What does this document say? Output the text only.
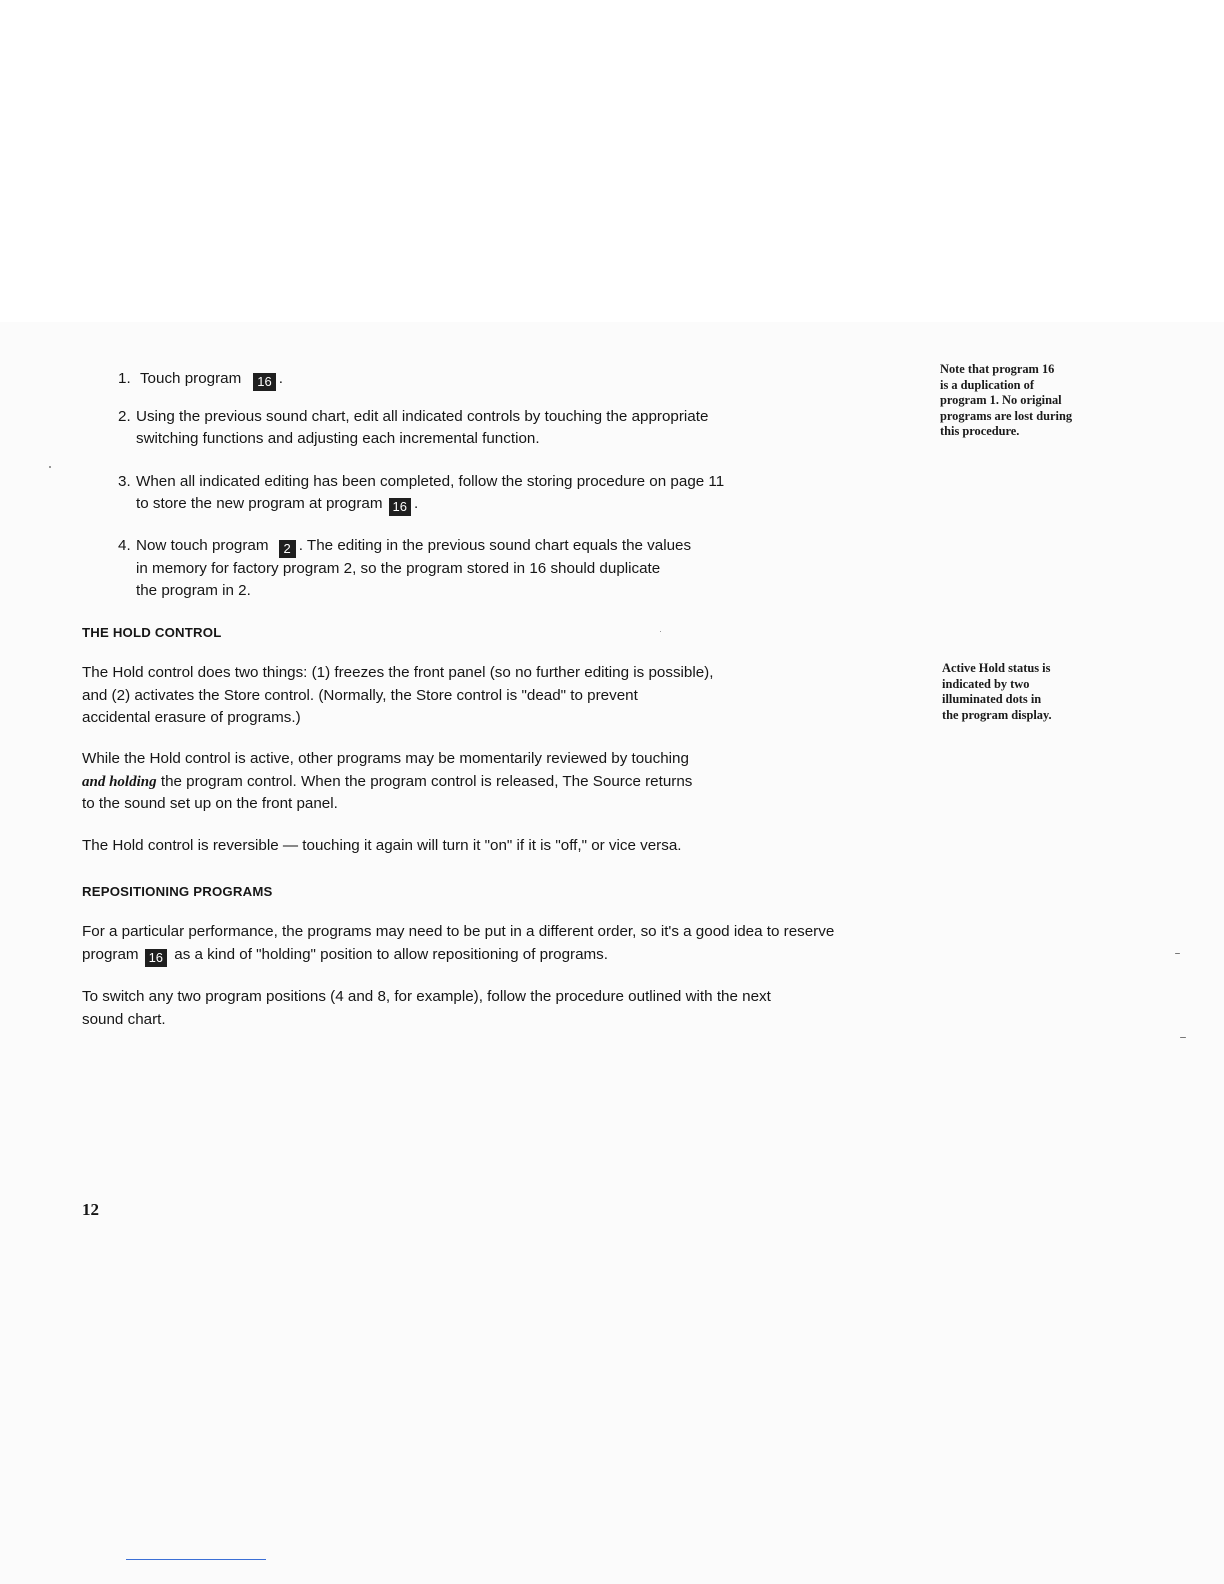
1. Touch program 16 .
2. Using the previous sound chart, edit all indicated controls by touching the appropriate
switching functions and adjusting each incremental function.
3. When all indicated editing has been completed, follow the storing procedure on page 11
to store the new program at program 16 .
4. Now touch program 2 . The editing in the previous sound chart equals the values
in memory for factory program 2, so the program stored in 16 should duplicate
the program in 2.
THE HOLD CONTROL
The Hold control does two things: (1) freezes the front panel (so no further editing is possible),
and (2) activates the Store control. (Normally, the Store control is "dead" to prevent
accidental erasure of programs.)
While the Hold control is active, other programs may be momentarily reviewed by touching
and holding the program control. When the program control is released, The Source returns
to the sound set up on the front panel.
The Hold control is reversible — touching it again will turn it "on" if it is "off," or vice versa.
REPOSITIONING PROGRAMS
For a particular performance, the programs may need to be put in a different order, so it's a good idea to reserve
program 16 as a kind of "holding" position to allow repositioning of programs.
To switch any two program positions (4 and 8, for example), follow the procedure outlined with the next
sound chart.
Note that program 16
is a duplication of
program 1. No original
programs are lost during
this procedure.
Active Hold status is
indicated by two
illuminated dots in
the program display.
12
